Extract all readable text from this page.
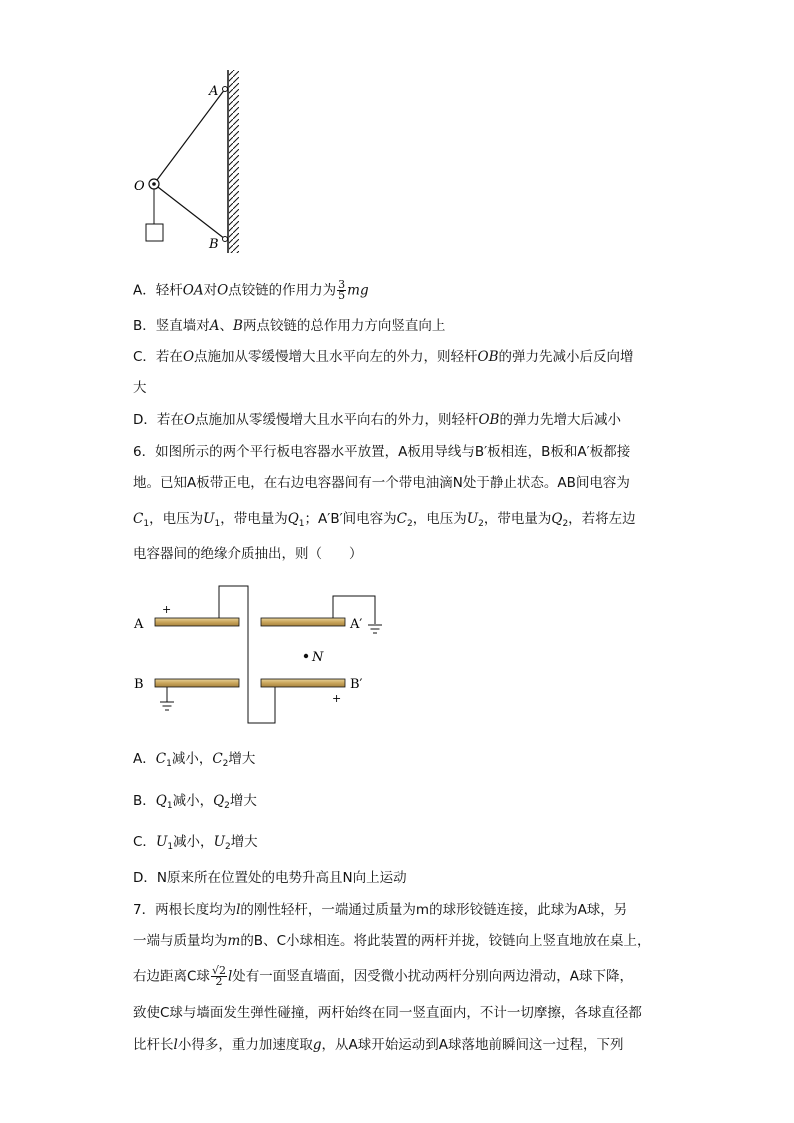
A
O
B
A．轻杆OA对O点铰链的作用力为 $\frac{3}{5}$ mg
B．竖直墙对A、B两点铰链的总作用力方向竖直向上
C．若在O点施加从零缓慢增大且水平向左的外力，则轻杆OB的弹力先减小后反向增
大
D．若在O点施加从零缓慢增大且水平向右的外力，则轻杆OB的弹力先增大后减小
6．如图所示的两个平行板电容器水平放置，A板用导线与B′板相连，B板和A′板都接
地。已知A板带正电，在右边电容器间有一个带电油滴N处于静止状态。AB间电容为
$C_1$，电压为$U_1$，带电量为$Q_1$；A′B′间电容为$C_2$，电压为$U_2$，带电量为$Q_2$，若将左边
电容器间的绝缘介质抽出，则（　　）
N
+
+
A
B
A′
B′
A．$C_1$减小，$C_2$增大
B．$Q_1$减小，$Q_2$增大
C．$U_1$减小，$U_2$增大
D．N原来所在位置处的电势升高且N向上运动
7．两根长度均为l的刚性轻杆，一端通过质量为m的球形铰链连接，此球为A球，另
一端与质量均为m的B、C小球相连。将此装置的两杆并拢，铰链向上竖直地放在桌上，
右边距离C球 $\frac{√2}{2}$ l处有一面竖直墙面，因受微小扰动两杆分别向两边滑动，A球下降，
致使C球与墙面发生弹性碰撞，两杆始终在同一竖直面内，不计一切摩擦，各球直径都
比杆长l小得多，重力加速度取g，从A球开始运动到A球落地前瞬间这一过程，下列
